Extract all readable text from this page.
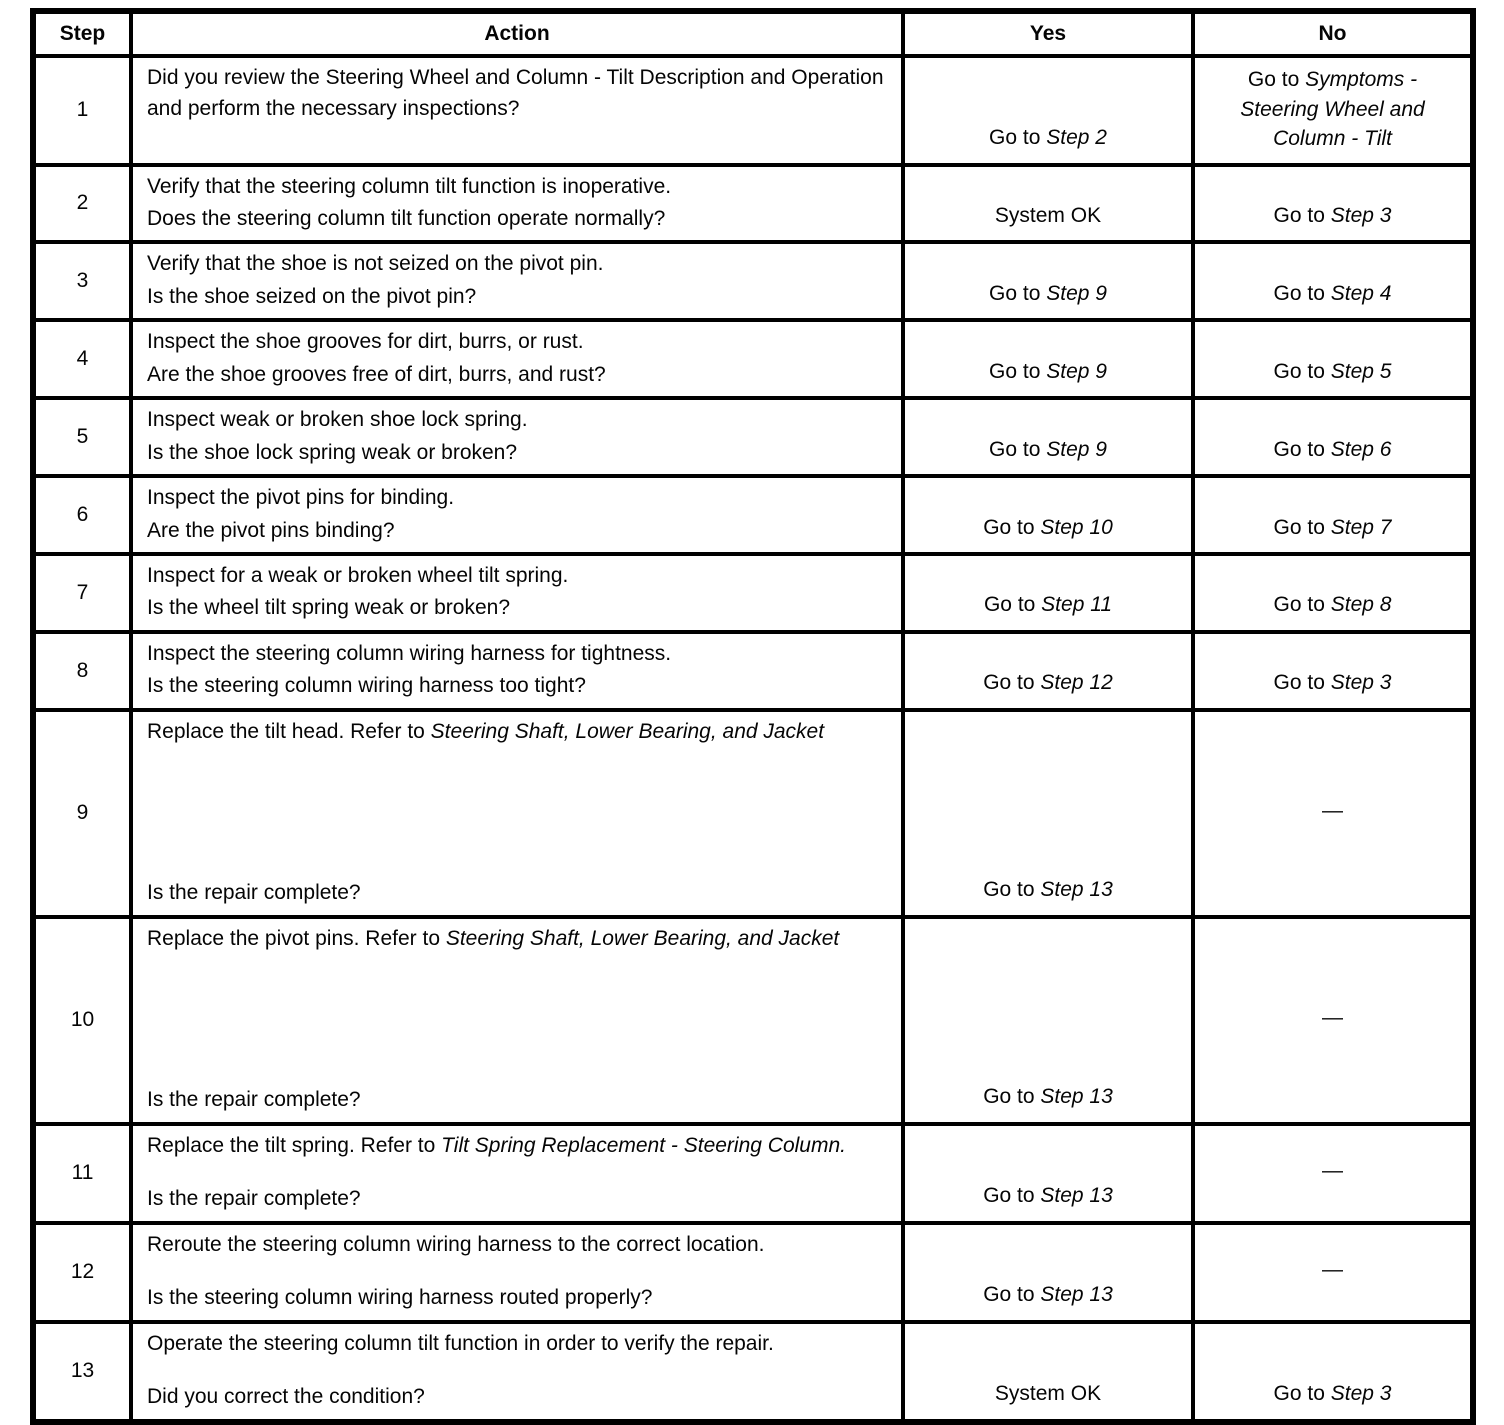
Step	Action	Yes	No
1	Did you review the Steering Wheel and Column - Tilt Description and Operation and perform the necessary inspections?	Go to Step 2	Go to Symptoms - Steering Wheel and Column - Tilt

2	Verify that the steering column tilt function is inoperative.
Does the steering column tilt function operate normally?	System OK	Go to Step 3
3	Verify that the shoe is not seized on the pivot pin.
Is the shoe seized on the pivot pin?	Go to Step 9	Go to Step 4
4	Inspect the shoe grooves for dirt, burrs, or rust.
Are the shoe grooves free of dirt, burrs, and rust?	Go to Step 9	Go to Step 5
5	Inspect weak or broken shoe lock spring.
Is the shoe lock spring weak or broken?	Go to Step 9	Go to Step 6
6	Inspect the pivot pins for binding.
Are the pivot pins binding?	Go to Step 10	Go to Step 7
7	Inspect for a weak or broken wheel tilt spring.
Is the wheel tilt spring weak or broken?	Go to Step 11	Go to Step 8
8	Inspect the steering column wiring harness for tightness.
Is the steering column wiring harness too tight?	Go to Step 12	Go to Step 3
9	Replace the tilt head. Refer to Steering Shaft, Lower Bearing, and Jacket
Is the repair complete?	Go to Step 13	—
10	Replace the pivot pins. Refer to Steering Shaft, Lower Bearing, and Jacket
Is the repair complete?	Go to Step 13	—
11	Replace the tilt spring. Refer to Tilt Spring Replacement - Steering Column.
Is the repair complete?	Go to Step 13	—
12	Reroute the steering column wiring harness to the correct location.
Is the steering column wiring harness routed properly?	Go to Step 13	—
13	Operate the steering column tilt function in order to verify the repair.
Did you correct the condition?	System OK	Go to Step 3
